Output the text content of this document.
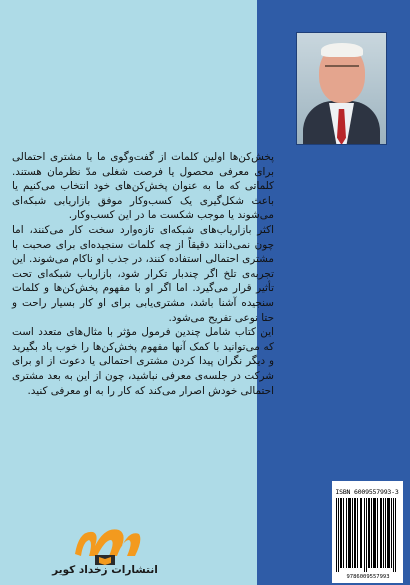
پخش‌کن‌ها اولین کلمات از گفت‌وگوی ما با مشتری احتمالی برای معرفی محصول یا فرصت شغلی مدّ نظرمان هستند. کلماتی که ما به عنوان پخش‌کن‌های خود انتخاب می‌کنیم یا باعث شکل‌گیری یک کسب‌وکار موفق بازاریابی شبکه‌ای می‌شوند یا موجب شکست ما در این کسب‌وکار.

اکثر بازاریاب‌های شبکه‌ای تازه‌وارد سخت کار می‌کنند، اما چون نمی‌دانند دقیقاً از چه کلمات سنجیده‌ای برای صحبت با مشتری احتمالی استفاده کنند، در جذب او ناکام می‌شوند. این تجربه‌ی تلخ اگر چندبار تکرار شود، بازاریاب شبکه‌ای تحت تأثیر قرار می‌گیرد. اما اگر او با مفهوم پخش‌کن‌ها و کلمات سنجیده آشنا باشد، مشتری‌یابی برای او کار بسیار راحت و حتا نوعی تفریح می‌شود.

این کتاب شامل چندین فرمول مؤثر با مثال‌های متعدد است که می‌توانید با کمک آنها مفهوم پخش‌کن‌ها را خوب یاد بگیرید و دیگر نگران پیدا کردن مشتری احتمالی یا دعوت از او برای شرکت در جلسه‌ی معرفی نباشید، چون از این به بعد مشتری احتمالی خودش اصرار می‌کند که کار را به او معرفی کنید.

انتشارات زخداد کویر
ISBN 6009557993-3
9786009557993
